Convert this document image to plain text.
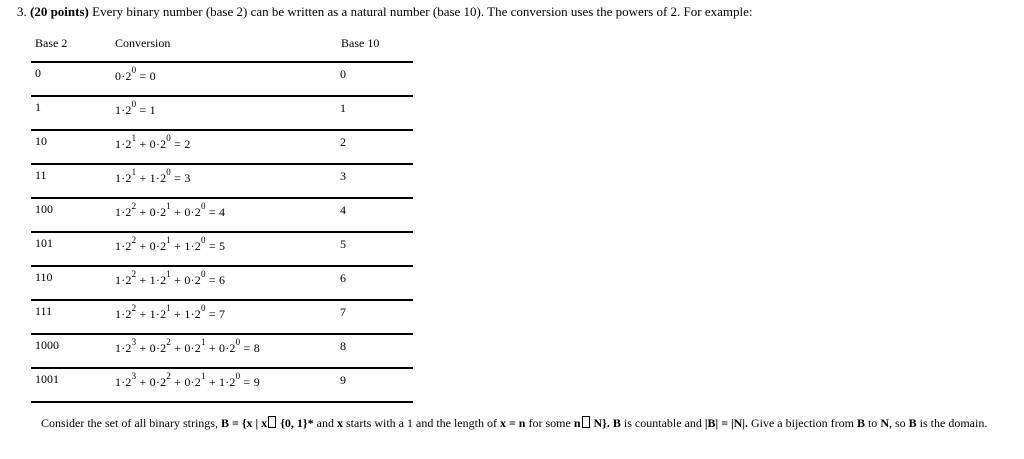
3. (20 points) Every binary number (base 2) can be written as a natural number (base 10). The conversion uses the powers of 2. For example:
Base 2	Conversion	Base 10
0	$0\cdot 2^0 = 0$	0
1	$1\cdot 2^0 = 1$	1
10	$1\cdot 2^1 + 0\cdot 2^0 = 2$	2
11	$1\cdot 2^1 + 1\cdot 2^0 = 3$	3
100	$1\cdot 2^2 + 0\cdot 2^1 + 0\cdot 2^0 = 4$	4
101	$1\cdot 2^2 + 0\cdot 2^1 + 1\cdot 2^0 = 5$	5
110	$1\cdot 2^2 + 1\cdot 2^1 + 0\cdot 2^0 = 6$	6
111	$1\cdot 2^2 + 1\cdot 2^1 + 1\cdot 2^0 = 7$	7
1000	$1\cdot 2^3 + 0\cdot 2^2 + 0\cdot 2^1 + 0\cdot 2^0 = 8$	8
1001	$1\cdot 2^3 + 0\cdot 2^2 + 0\cdot 2^1 + 1\cdot 2^0 = 9$	9
Consider the set of all binary strings, B = {x | x {0, 1}* and x starts with a 1 and the length of x = n for some n N}. B is countable and |B| = |N|. Give a bijection from B to N, so B is the domain.
